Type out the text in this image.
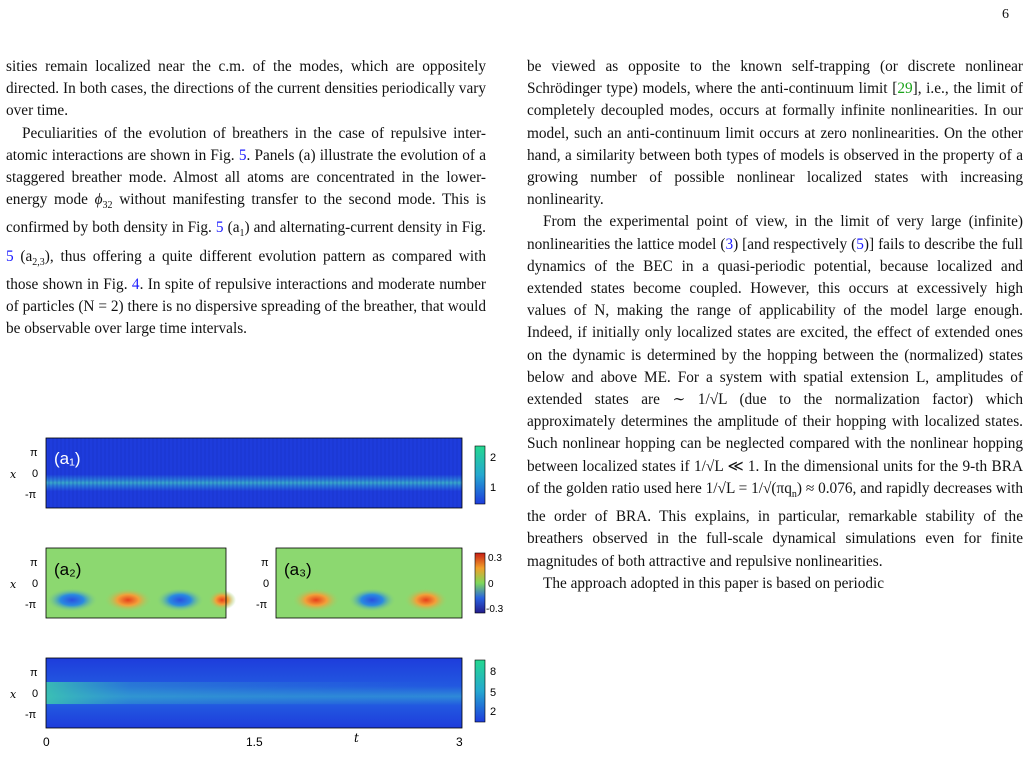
6

sities remain localized near the c.m. of the modes, which are oppositely directed. In both cases, the directions of the current densities periodically vary over time.

Peculiarities of the evolution of breathers in the case of repulsive inter-atomic interactions are shown in Fig. 5. Panels (a) illustrate the evolution of a staggered breather mode. Almost all atoms are concentrated in the lower-energy mode $\phi_{32}$ without manifesting transfer to the second mode. This is confirmed by both density in Fig. 5 $(a_1)$ and alternating-current density in Fig. 5 $(a_{2,3})$, thus offering a quite different evolution pattern as compared with those shown in Fig. 4. In spite of repulsive interactions and moderate number of particles (N = 2) there is no dispersive spreading of the breather, that would be observable over large time intervals.

be viewed as opposite to the known self-trapping (or discrete nonlinear Schrödinger type) models, where the anti-continuum limit [29], i.e., the limit of completely decoupled modes, occurs at formally infinite nonlinearities. In our model, such an anti-continuum limit occurs at zero nonlinearities. On the other hand, a similarity between both types of models is observed in the property of a growing number of possible nonlinear localized states with increasing nonlinearity.

From the experimental point of view, in the limit of very large (infinite) nonlinearities the lattice model (3) [and respectively (5)] fails to describe the full dynamics of the BEC in a quasi-periodic potential, because localized and extended states become coupled. However, this occurs at excessively high values of N, making the range of applicability of the model large enough. Indeed, if initially only localized states are excited, the effect of extended ones on the dynamic is determined by the hopping between the (normalized) states below and above ME. For a system with spatial extension L, amplitudes of extended states are ∼ 1/√L (due to the normalization factor) which approximately determines the amplitude of their hopping with localized states. Such nonlinear hopping can be neglected compared with the nonlinear hopping between localized states if 1/√L ≪ 1. In the dimensional units for the 9-th BRA of the golden ratio used here $1/√L = 1/√(\pi q_n) \approx 0.076$, and rapidly decreases with the order of BRA. This explains, in particular, remarkable stability of the breathers observed in the full-scale dynamical simulations even for finite magnitudes of both attractive and repulsive nonlinearities.

The approach adopted in this paper is based on periodic

(a₁)
(a₂)	(a₃)
x
π
0
-π
x
π
0
-π
π
0
-π
x
π
0
-π
0	1.5	3
t
2
1
0.3
0
-0.3
8
5
2
